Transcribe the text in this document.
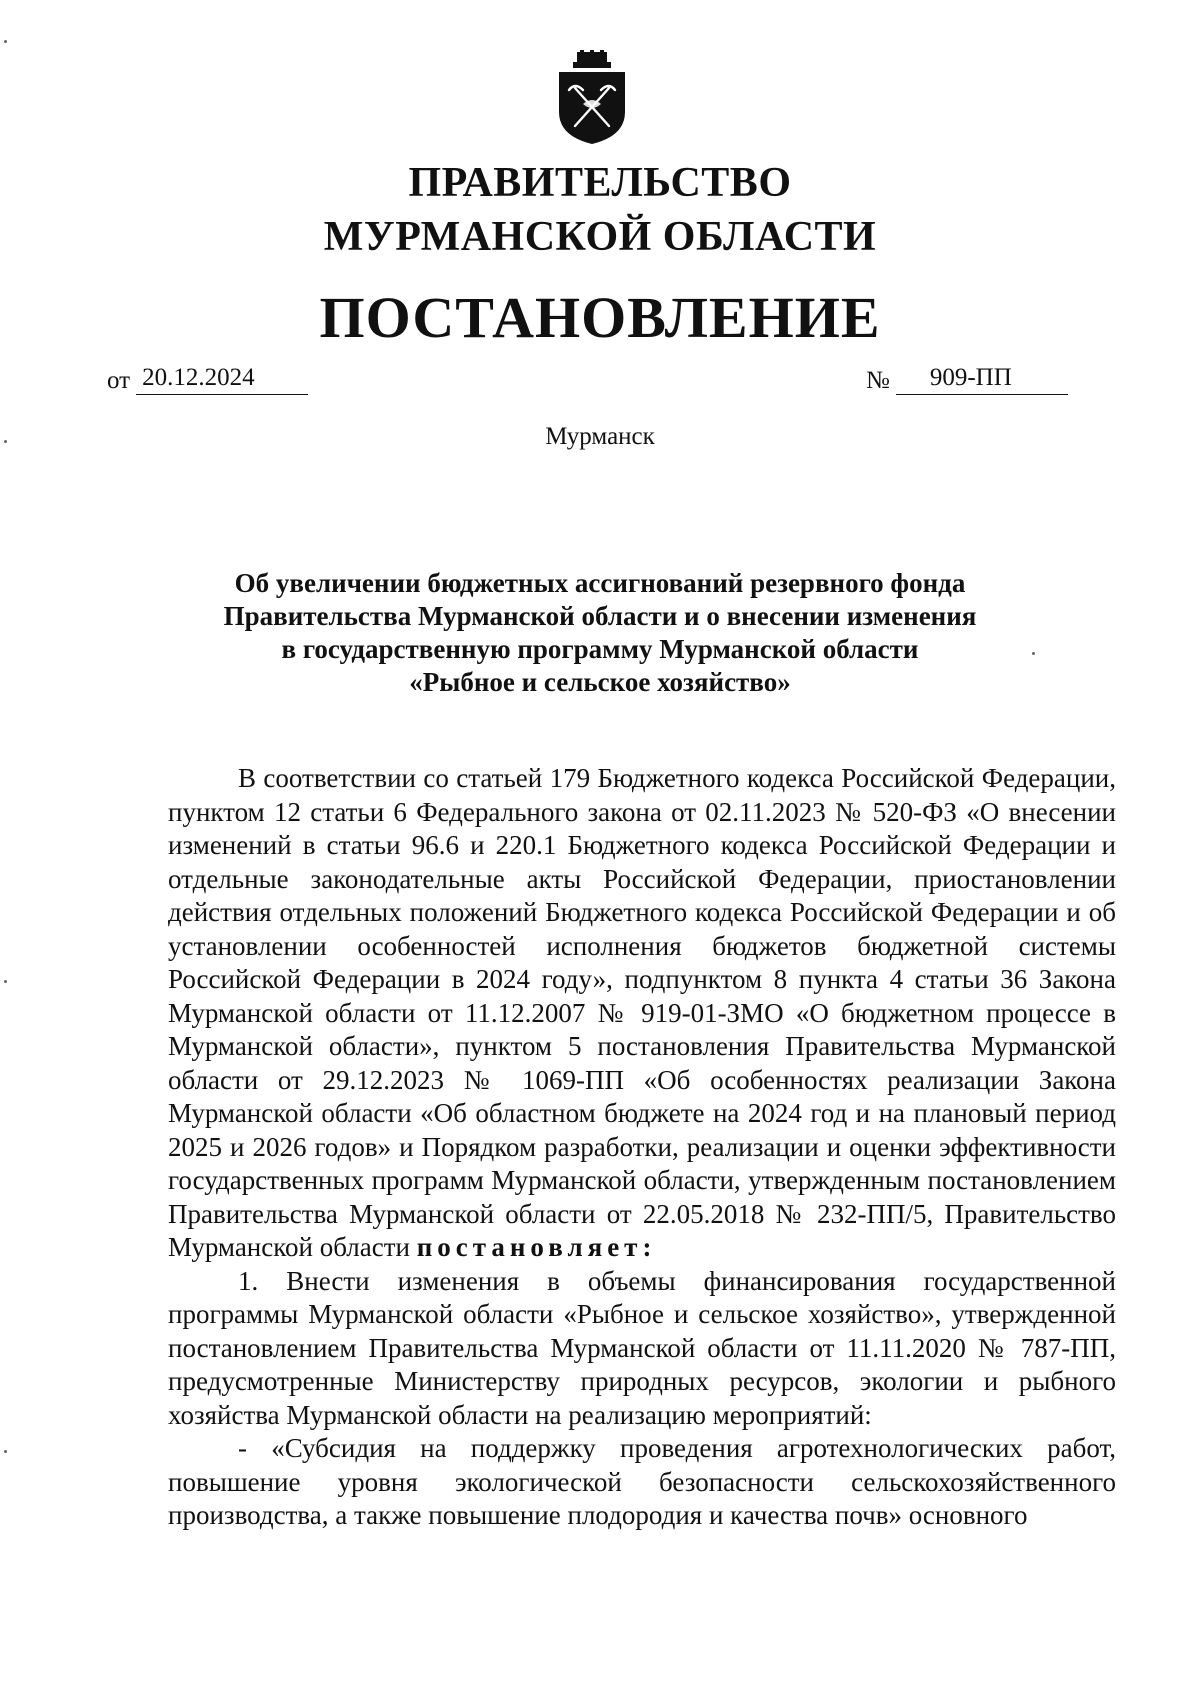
ПРАВИТЕЛЬСТВО
МУРМАНСКОЙ ОБЛАСТИ
ПОСТАНОВЛЕНИЕ
от 20.12.2024	№ 909-ПП
Мурманск
Об увеличении бюджетных ассигнований резервного фонда
Правительства Мурманской области и о внесении изменения
в государственную программу Мурманской области
«Рыбное и сельское хозяйство»

В соответствии со статьей 179 Бюджетного кодекса Российской Федерации, пунктом 12 статьи 6 Федерального закона от 02.11.2023 № 520-ФЗ «О внесении изменений в статьи 96.6 и 220.1 Бюджетного кодекса Российской Федерации и отдельные законодательные акты Российской Федерации, приостановлении действия отдельных положений Бюджетного кодекса Российской Федерации и об установлении особенностей исполнения бюджетов бюджетной системы Российской Федерации в 2024 году», подпунктом 8 пункта 4 статьи 36 Закона Мурманской области от 11.12.2007 № 919-01-ЗМО «О бюджетном процессе в Мурманской области», пунктом 5 постановления Правительства Мурманской области от 29.12.2023 № 1069-ПП «Об особенностях реализации Закона Мурманской области «Об областном бюджете на 2024 год и на плановый период 2025 и 2026 годов» и Порядком разработки, реализации и оценки эффективности государственных программ Мурманской области, утвержденным постановлением Правительства Мурманской области от 22.05.2018 № 232-ПП/5, Правительство Мурманской области постановляет:

1. Внести изменения в объемы финансирования государственной программы Мурманской области «Рыбное и сельское хозяйство», утвержденной постановлением Правительства Мурманской области от 11.11.2020 № 787-ПП, предусмотренные Министерству природных ресурсов, экологии и рыбного хозяйства Мурманской области на реализацию мероприятий:

- «Субсидия на поддержку проведения агротехнологических работ, повышение уровня экологической безопасности сельскохозяйственного производства, а также повышение плодородия и качества почв» основного
